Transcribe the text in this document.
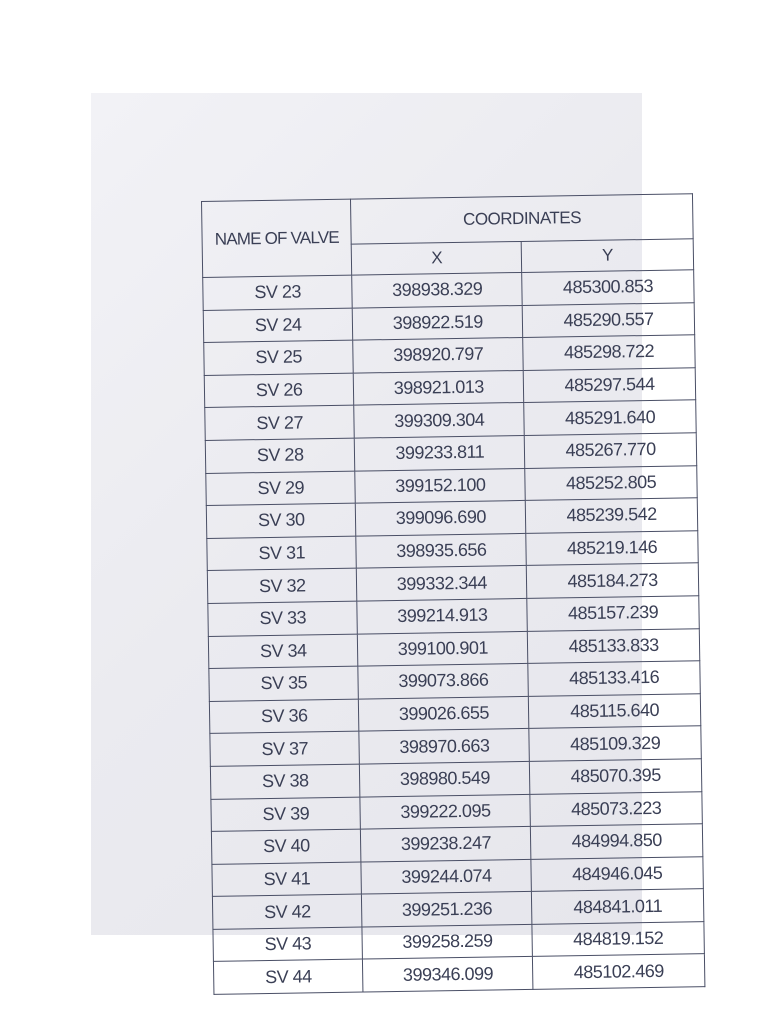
NAME OF VALVE	COORDINATES	
	X	Y
SV 23	398938.329	485300.853
SV 24	398922.519	485290.557
SV 25	398920.797	485298.722
SV 26	398921.013	485297.544
SV 27	399309.304	485291.640
SV 28	399233.811	485267.770
SV 29	399152.100	485252.805
SV 30	399096.690	485239.542
SV 31	398935.656	485219.146
SV 32	399332.344	485184.273
SV 33	399214.913	485157.239
SV 34	399100.901	485133.833
SV 35	399073.866	485133.416
SV 36	399026.655	485115.640
SV 37	398970.663	485109.329
SV 38	398980.549	485070.395
SV 39	399222.095	485073.223
SV 40	399238.247	484994.850
SV 41	399244.074	484946.045
SV 42	399251.236	484841.011
SV 43	399258.259	484819.152
SV 44	399346.099	485102.469
